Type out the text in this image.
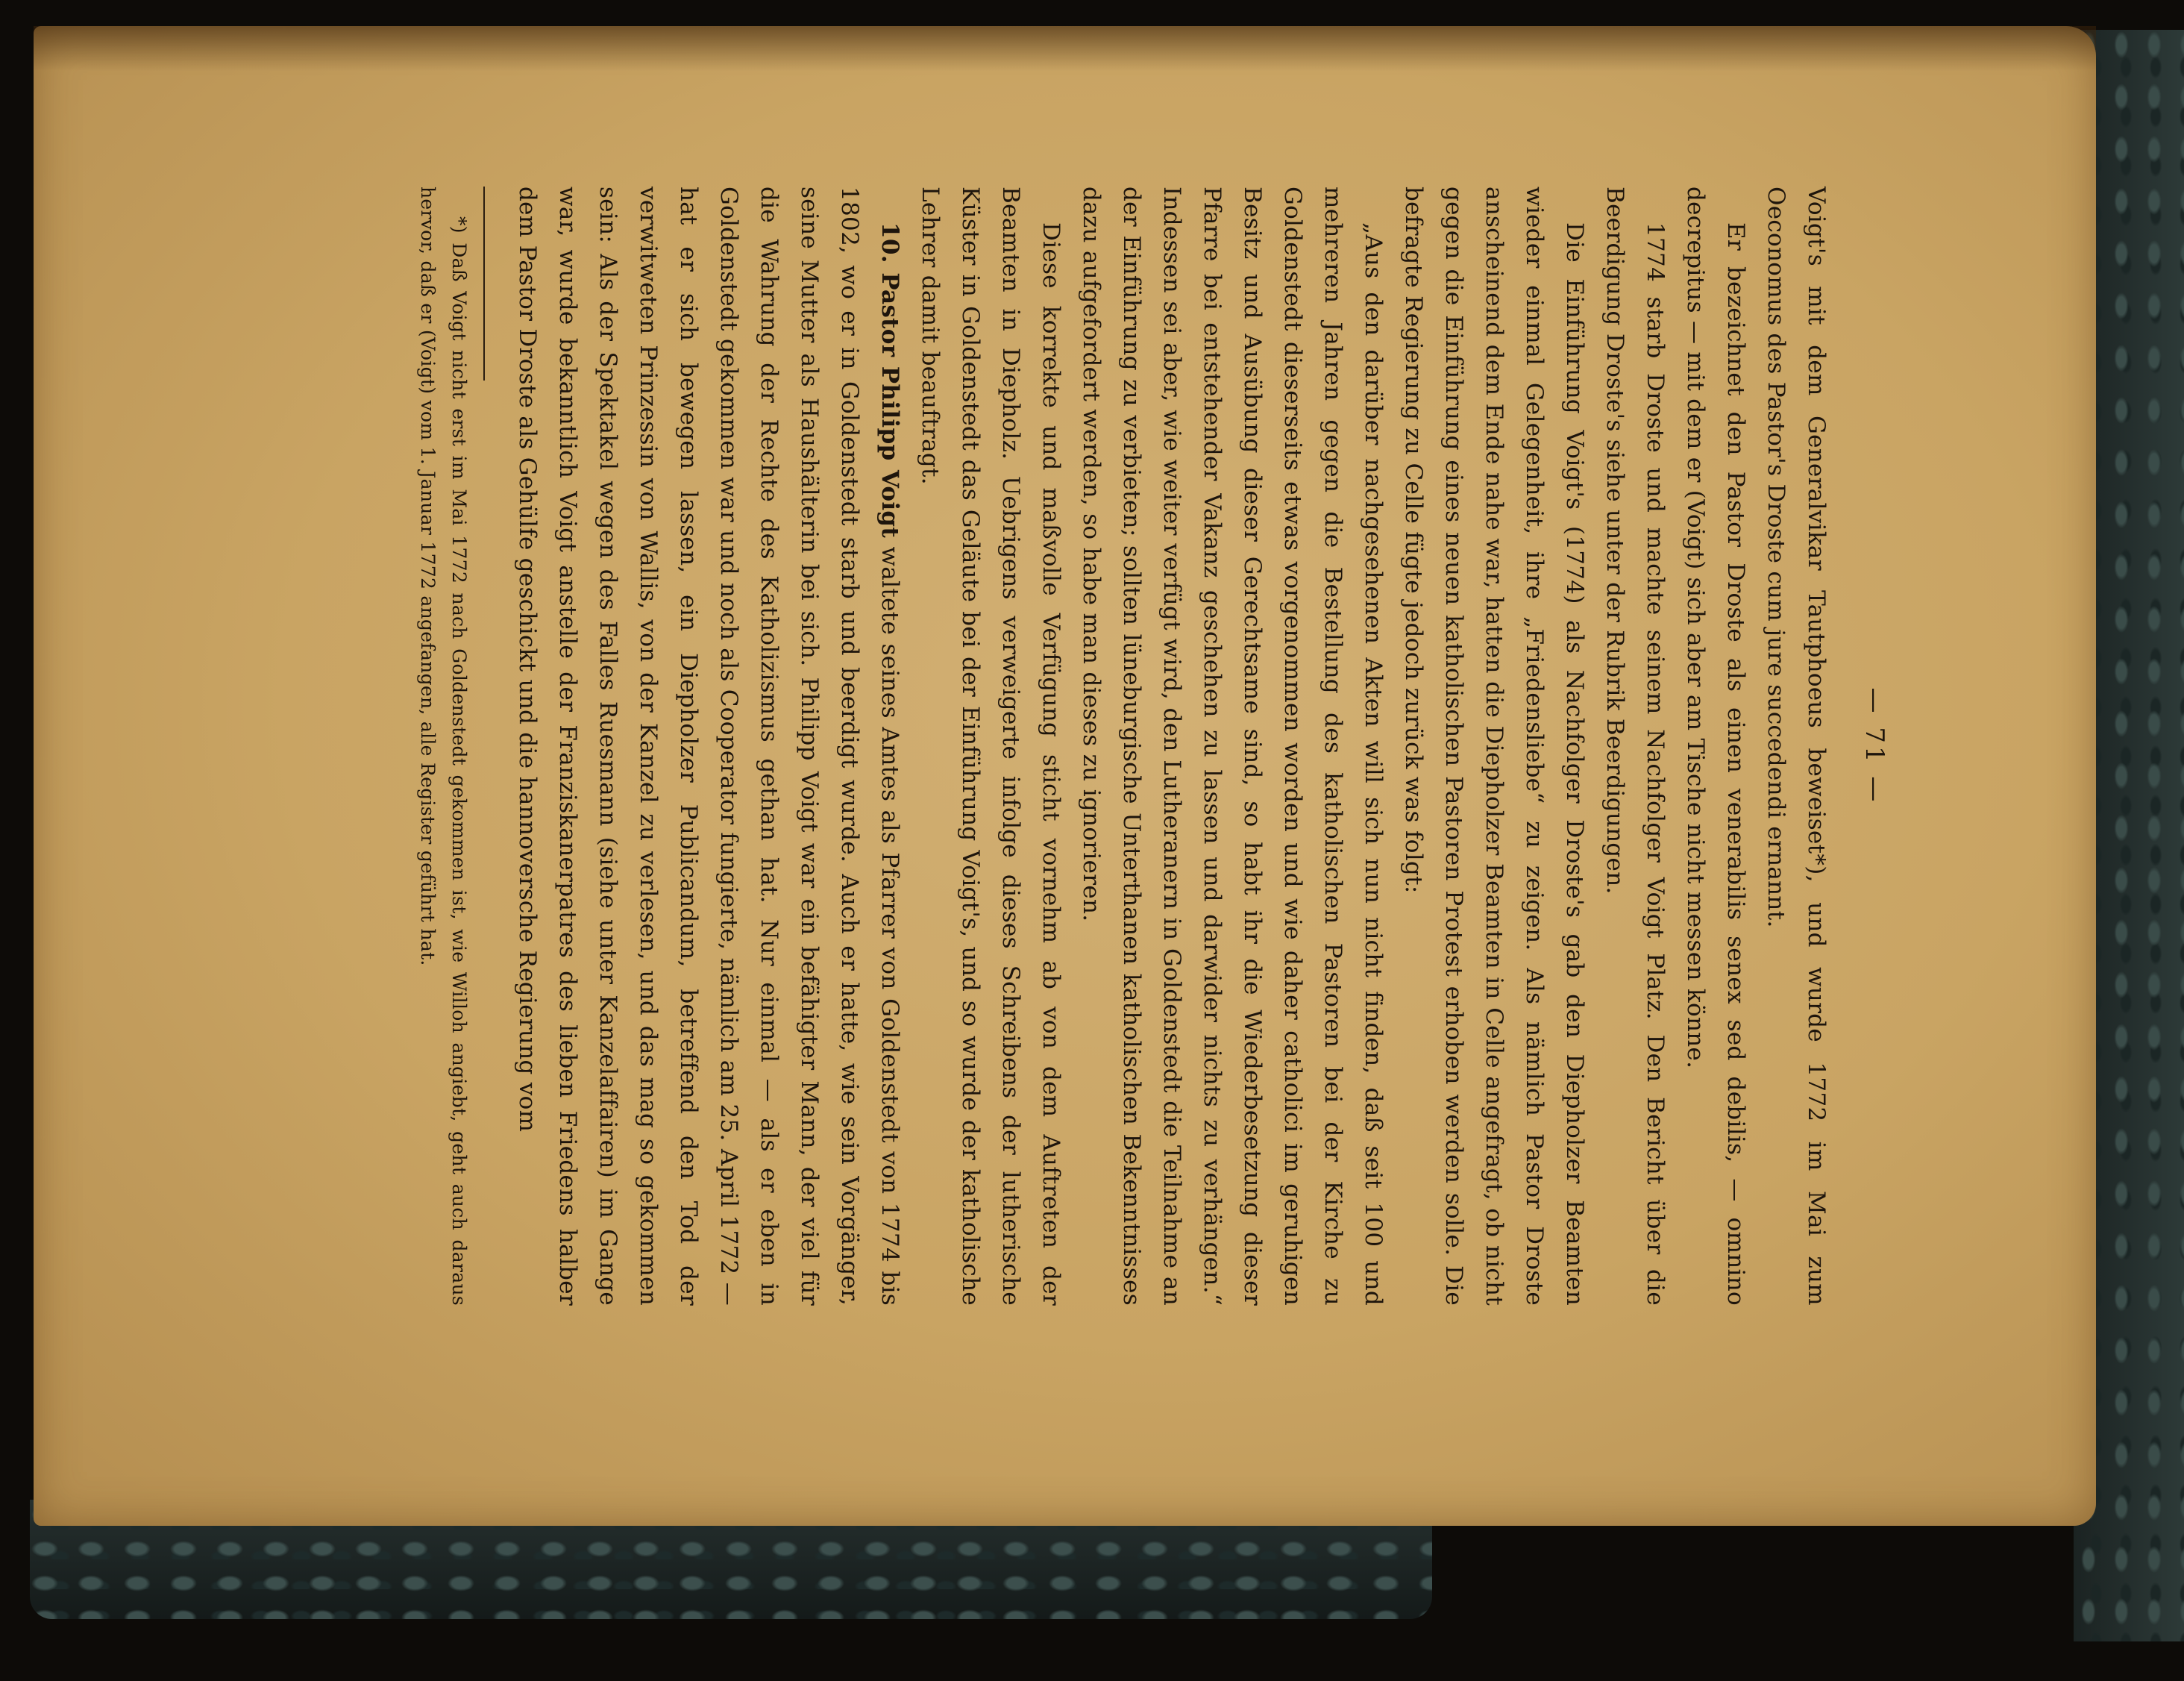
— 71 —

Voigt's mit dem Generalvikar Tautphoeus beweiset*), und wurde 1772 im Mai zum Oeconomus des Pastor's Droste cum jure succedendi ernannt.

Er bezeichnet den Pastor Droste als einen venerabilis senex sed debilis, — omnino decrepitus — mit dem er (Voigt) sich aber am Tische nicht messen könne.

1774 starb Droste und machte seinem Nachfolger Voigt Platz. Den Bericht über die Beerdigung Droste's siehe unter der Rubrik Beerdigungen.

Die Einführung Voigt's (1774) als Nachfolger Droste's gab den Diepholzer Beamten wieder einmal Gelegenheit, ihre „Friedensliebe“ zu zeigen. Als nämlich Pastor Droste anscheinend dem Ende nahe war, hatten die Diepholzer Beamten in Celle angefragt, ob nicht gegen die Einführung eines neuen katholischen Pastoren Protest erhoben werden solle. Die befragte Regierung zu Celle fügte jedoch zurück was folgt:

„Aus den darüber nachgesehenen Akten will sich nun nicht finden, daß seit 100 und mehreren Jahren gegen die Bestellung des katholischen Pastoren bei der Kirche zu Goldenstedt dieserseits etwas vorgenommen worden und wie daher catholici im geruhigen Besitz und Ausübung dieser Gerechtsame sind, so habt ihr die Wiederbesetzung dieser Pfarre bei entstehender Vakanz geschehen zu lassen und darwider nichts zu verhängen.“ Indessen sei aber, wie weiter verfügt wird, den Lutheranern in Goldenstedt die Teilnahme an der Einführung zu verbieten; sollten lüneburgische Unterthanen katholischen Bekenntnisses dazu aufgefordert werden, so habe man dieses zu ignorieren.

Diese korrekte und maßvolle Verfügung sticht vornehm ab von dem Auftreten der Beamten in Diepholz. Uebrigens verweigerte infolge dieses Schreibens der lutherische Küster in Goldenstedt das Geläute bei der Einführung Voigt's, und so wurde der katholische Lehrer damit beauftragt.

10. Pastor Philipp Voigt waltete seines Amtes als Pfarrer von Goldenstedt von 1774 bis 1802, wo er in Goldenstedt starb und beerdigt wurde. Auch er hatte, wie sein Vorgänger, seine Mutter als Haushälterin bei sich. Philipp Voigt war ein befähigter Mann, der viel für die Wahrung der Rechte des Katholizismus gethan hat. Nur einmal — als er eben in Goldenstedt gekommen war und noch als Cooperator fungierte, nämlich am 25. April 1772 — hat er sich bewegen lassen, ein Diepholzer Publicandum, betreffend den Tod der verwitweten Prinzessin von Wallis, von der Kanzel zu verlesen, und das mag so gekommen sein: Als der Spektakel wegen des Falles Ruesmann (siehe unter Kanzelaffairen) im Gange war, wurde bekanntlich Voigt anstelle der Franziskanerpatres des lieben Friedens halber dem Pastor Droste als Gehülfe geschickt und die hannoversche Regierung vom

*) Daß Voigt nicht erst im Mai 1772 nach Goldenstedt gekommen ist, wie Willoh angiebt, geht auch daraus hervor, daß er (Voigt) vom 1. Januar 1772 angefangen, alle Register geführt hat.
